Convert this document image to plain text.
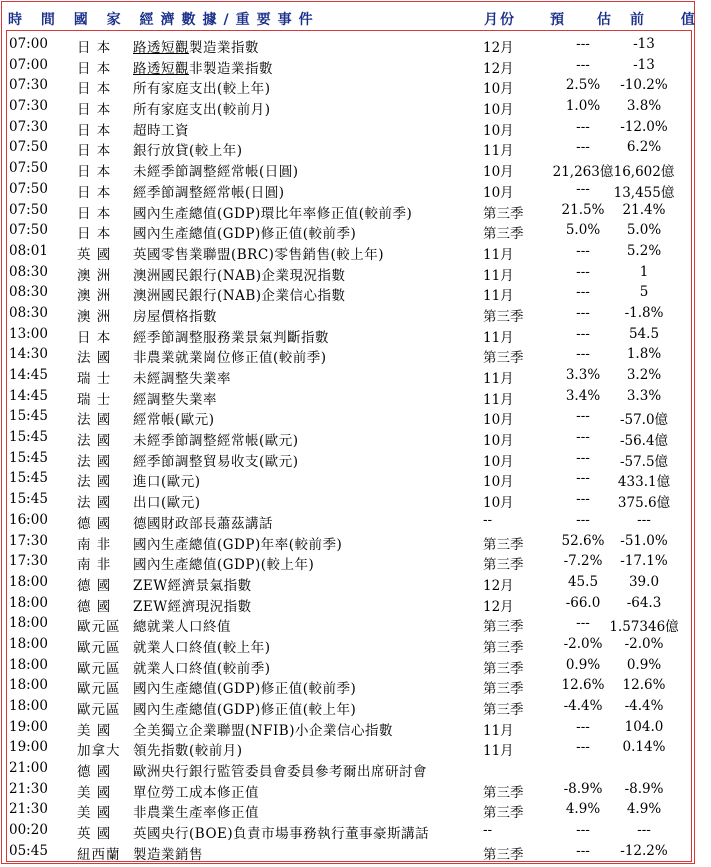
時 間 國 家 經濟數據/重要事件	月份 預 估 前 值
07:00	日 本	路透短觀製造業指數	12月	---	-13
07:00	日 本	路透短觀非製造業指數	12月	---	-13
07:30	日 本	所有家庭支出(較上年)	10月	2.5%	-10.2%
07:30	日 本	所有家庭支出(較前月)	10月	1.0%	3.8%
07:30	日 本	超時工資	10月	---	-12.0%
07:50	日 本	銀行放貸(較上年)	11月	---	6.2%
07:50	日 本	未經季節調整經常帳(日圓)	10月	21,263億 16,602億
07:50	日 本	經季節調整經常帳(日圓)	10月	---	13,455億
07:50	日 本	國內生產總值(GDP)環比年率修正值(較前季)	第三季	21.5%	21.4%
07:50	日 本	國內生產總值(GDP)修正值(較前季)	第三季	5.0%	5.0%
08:01	英 國	英國零售業聯盟(BRC)零售銷售(較上年)	11月	---	5.2%
08:30	澳 洲	澳洲國民銀行(NAB)企業現況指數	11月	---	1
08:30	澳 洲	澳洲國民銀行(NAB)企業信心指數	11月	---	5
08:30	澳 洲	房屋價格指數	第三季	---	-1.8%
13:00	日 本	經季節調整服務業景氣判斷指數	11月	---	54.5
14:30	法 國	非農業就業崗位修正值(較前季)	第三季	---	1.8%
14:45	瑞 士	未經調整失業率	11月	3.3%	3.2%
14:45	瑞 士	經調整失業率	11月	3.4%	3.3%
15:45	法 國	經常帳(歐元)	10月	---	-57.0億
15:45	法 國	未經季節調整經常帳(歐元)	10月	---	-56.4億
15:45	法 國	經季節調整貿易收支(歐元)	10月	---	-57.5億
15:45	法 國	進口(歐元)	10月	---	433.1億
15:45	法 國	出口(歐元)	10月	---	375.6億
16:00	德 國	德國財政部長蕭茲講話	--	---	---
17:30	南 非	國內生產總值(GDP)年率(較前季)	第三季	52.6%	-51.0%
17:30	南 非	國內生產總值(GDP)(較上年)	第三季	-7.2%	-17.1%
18:00	德 國	ZEW經濟景氣指數	12月	45.5	39.0
18:00	德 國	ZEW經濟現況指數	12月	-66.0	-64.3
18:00	歐元區 總就業人口終值	第三季	---	1.57346億
18:00	歐元區 就業人口終值(較上年)	第三季	-2.0%	-2.0%
18:00	歐元區 就業人口終值(較前季)	第三季	0.9%	0.9%
18:00	歐元區 國內生產總值(GDP)修正值(較前季)	第三季	12.6%	12.6%
18:00	歐元區 國內生產總值(GDP)修正值(較上年)	第三季	-4.4%	-4.4%
19:00	美 國	全美獨立企業聯盟(NFIB)小企業信心指數	11月	---	104.0
19:00	加拿大 領先指數(較前月)	11月	---	0.14%
21:00	德 國	歐洲央行銀行監管委員會委員參考爾出席研討會
21:30	美 國	單位勞工成本修正值	第三季	-8.9%	-8.9%
21:30	美 國	非農業生產率修正值	第三季	4.9%	4.9%
00:20	英 國	英國央行(BOE)負責市場事務執行董事豪斯講話	--	---	---
05:45	紐西蘭 製造業銷售	第三季	---	-12.2%
